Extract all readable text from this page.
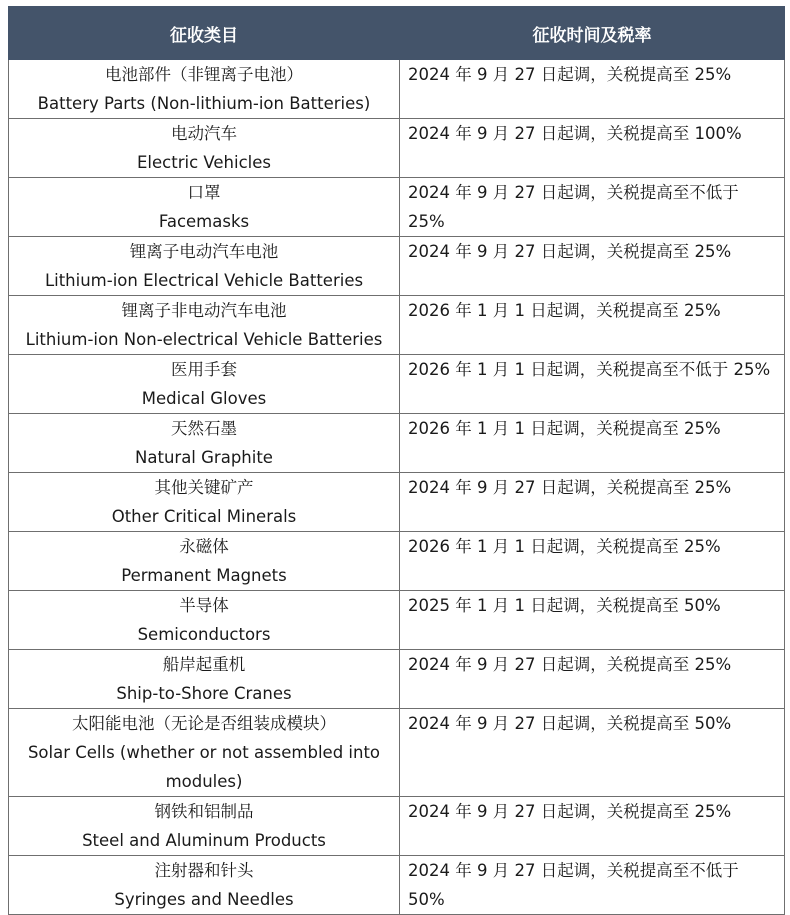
征收类目	征收时间及税率

电池部件（非锂离子电池）
Battery Parts (Non-lithium-ion Batteries)	2024 年 9 月 27 日起调，关税提高至 25%

电动汽车
Electric Vehicles	2024 年 9 月 27 日起调，关税提高至 100%

口罩
Facemasks	2024 年 9 月 27 日起调，关税提高至不低于 25%

锂离子电动汽车电池
Lithium-ion Electrical Vehicle Batteries	2024 年 9 月 27 日起调，关税提高至 25%

锂离子非电动汽车电池
Lithium-ion Non-electrical Vehicle Batteries	2026 年 1 月 1 日起调，关税提高至 25%

医用手套
Medical Gloves	2026 年 1 月 1 日起调，关税提高至不低于 25%

天然石墨
Natural Graphite	2026 年 1 月 1 日起调，关税提高至 25%

其他关键矿产
Other Critical Minerals	2024 年 9 月 27 日起调，关税提高至 25%

永磁体
Permanent Magnets	2026 年 1 月 1 日起调，关税提高至 25%

半导体
Semiconductors	2025 年 1 月 1 日起调，关税提高至 50%

船岸起重机
Ship-to-Shore Cranes	2024 年 9 月 27 日起调，关税提高至 25%

太阳能电池（无论是否组装成模块）
Solar Cells (whether or not assembled into modules)	2024 年 9 月 27 日起调，关税提高至 50%

钢铁和铝制品
Steel and Aluminum Products	2024 年 9 月 27 日起调，关税提高至 25%

注射器和针头
Syringes and Needles	2024 年 9 月 27 日起调，关税提高至不低于 50%
